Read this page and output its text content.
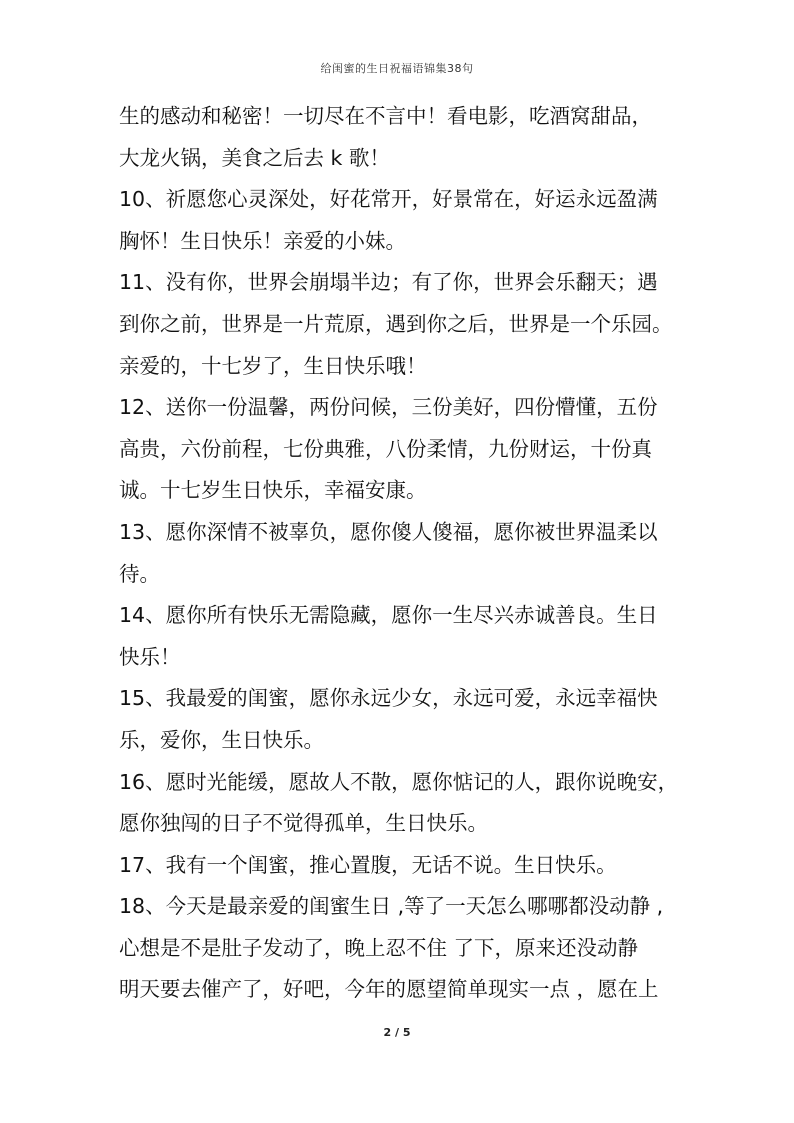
给闺蜜的生日祝福语锦集38句
生的感动和秘密！一切尽在不言中！看电影，吃酒窝甜品，
大龙火锅，美食之后去 k 歌！
10、祈愿您心灵深处，好花常开，好景常在，好运永远盈满
胸怀！生日快乐！亲爱的小妹。
11、没有你，世界会崩塌半边；有了你，世界会乐翻天；遇
到你之前，世界是一片荒原，遇到你之后，世界是一个乐园。
亲爱的，十七岁了，生日快乐哦！
12、送你一份温馨，两份问候，三份美好，四份懵懂，五份
高贵，六份前程，七份典雅，八份柔情，九份财运，十份真
诚。十七岁生日快乐，幸福安康。
13、愿你深情不被辜负，愿你傻人傻福，愿你被世界温柔以
待。
14、愿你所有快乐无需隐藏，愿你一生尽兴赤诚善良。生日
快乐！
15、我最爱的闺蜜，愿你永远少女，永远可爱，永远幸福快
乐，爱你，生日快乐。
16、愿时光能缓，愿故人不散，愿你惦记的人，跟你说晚安，
愿你独闯的日子不觉得孤单，生日快乐。
17、我有一个闺蜜，推心置腹，无话不说。生日快乐。
18、今天是最亲爱的闺蜜生日 ,等了一天怎么哪哪都没动静 ,
心想是不是肚子发动了，晚上忍不住 了下，原来还没动静
明天要去催产了，好吧，今年的愿望简单现实一点 ，愿在上
2 / 5
